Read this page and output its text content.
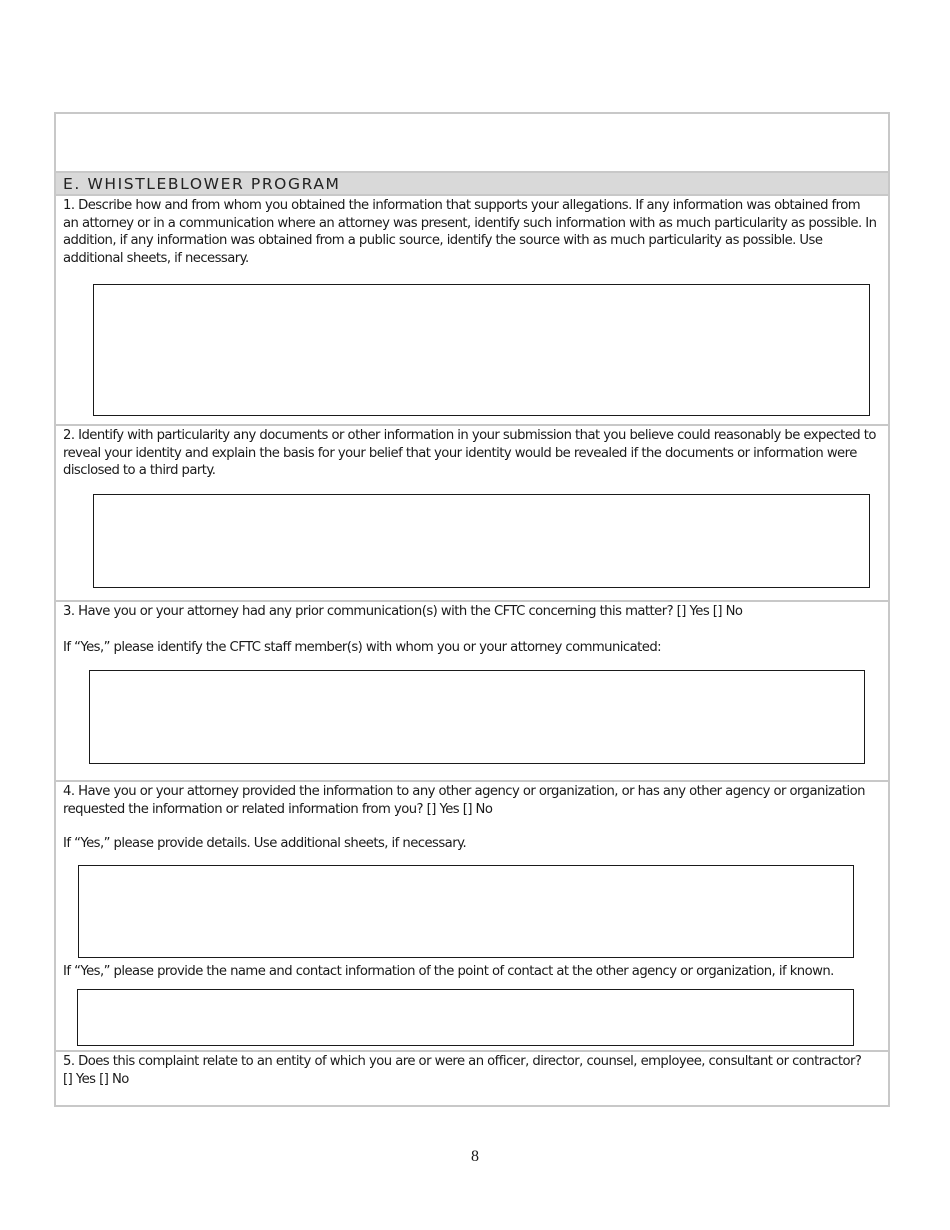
E. WHISTLEBLOWER PROGRAM
1. Describe how and from whom you obtained the information that supports your allegations. If any information was obtained from an attorney or in a communication where an attorney was present, identify such information with as much particularity as possible. In addition, if any information was obtained from a public source, identify the source with as much particularity as possible. Use additional sheets, if necessary.
2. Identify with particularity any documents or other information in your submission that you believe could reasonably be expected to reveal your identity and explain the basis for your belief that your identity would be revealed if the documents or information were disclosed to a third party.
3. Have you or your attorney had any prior communication(s) with the CFTC concerning this matter? [] Yes [] No
If “Yes,” please identify the CFTC staff member(s) with whom you or your attorney communicated:
4. Have you or your attorney provided the information to any other agency or organization, or has any other agency or organization requested the information or related information from you? [] Yes [] No
If “Yes,” please provide details. Use additional sheets, if necessary.
If “Yes,” please provide the name and contact information of the point of contact at the other agency or organization, if known.
5. Does this complaint relate to an entity of which you are or were an officer, director, counsel, employee, consultant or contractor?
[] Yes [] No
8
